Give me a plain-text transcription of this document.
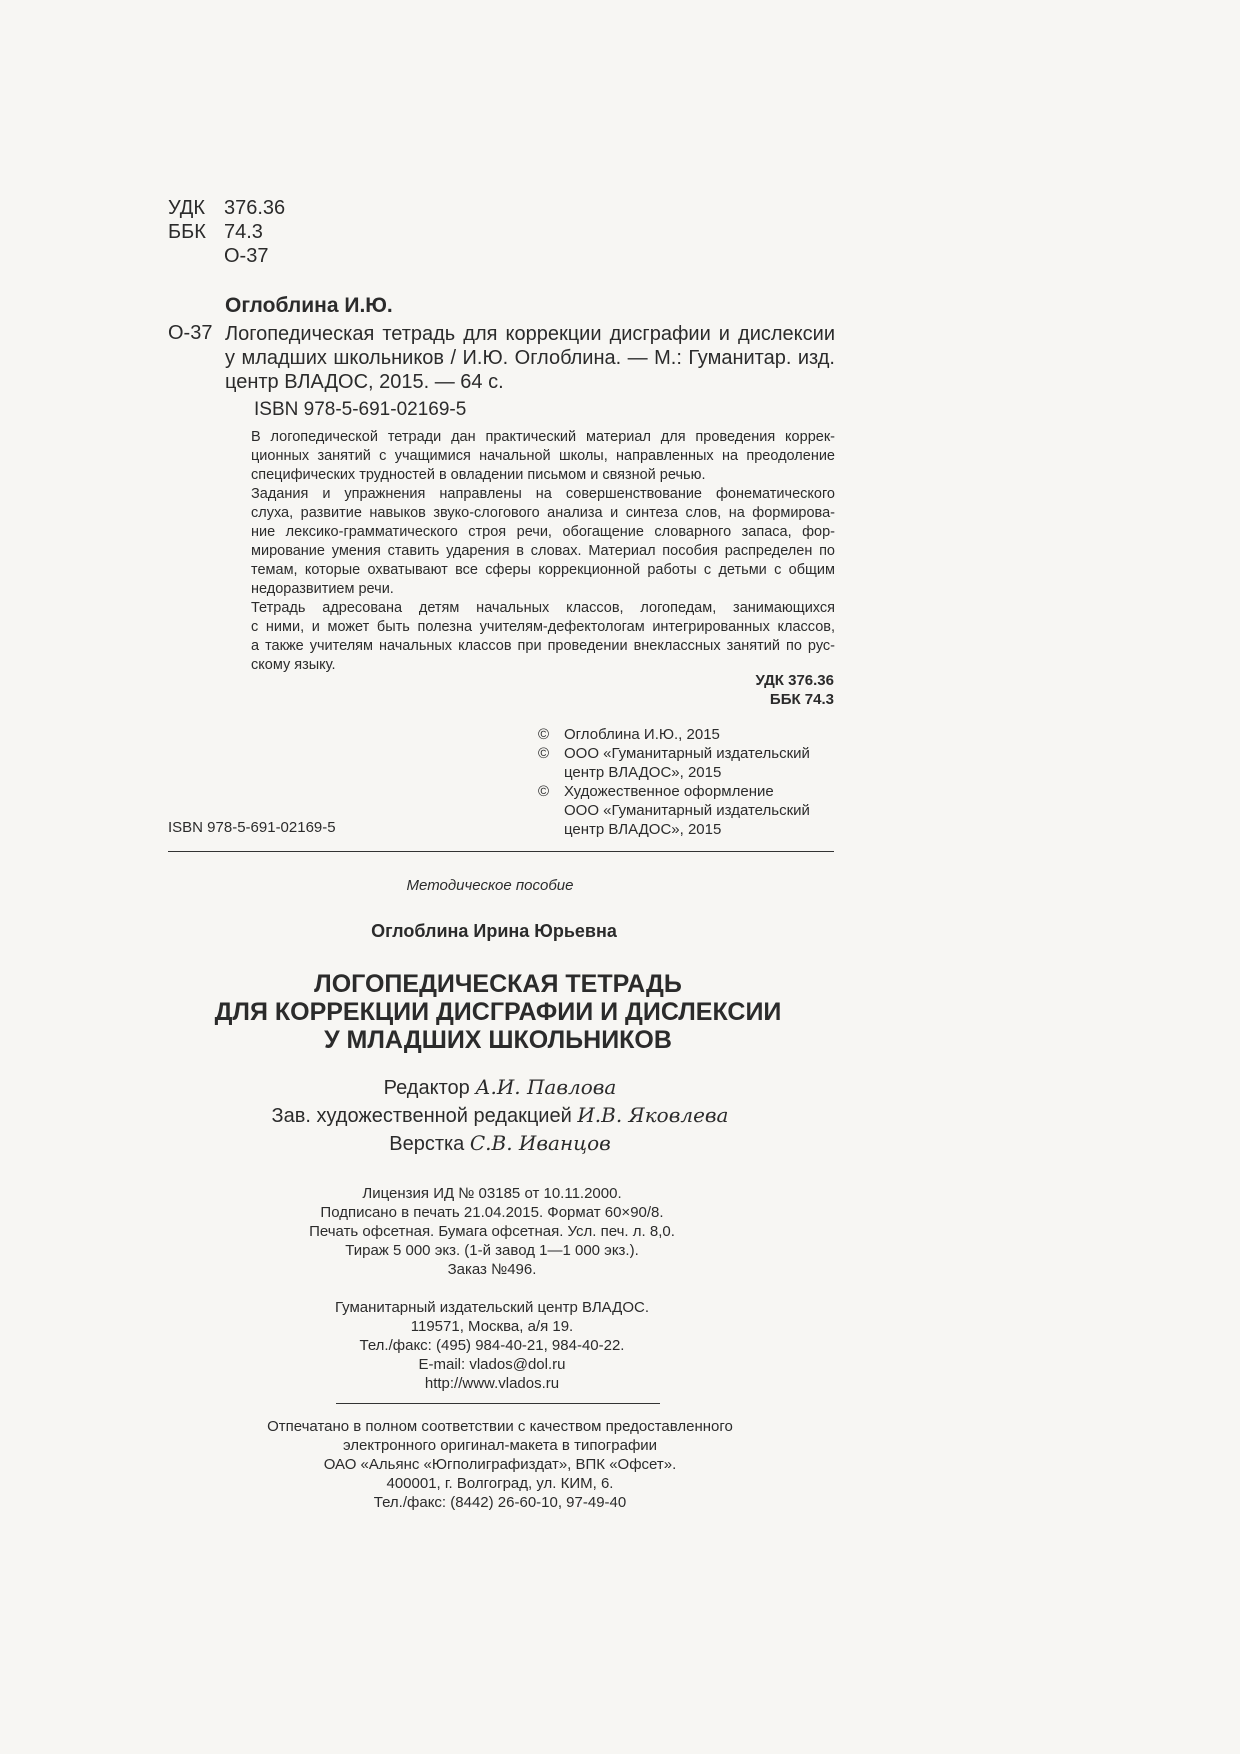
УДК 376.36
ББК 74.3
О-37
Оглоблина И.Ю.
О-37 Логопедическая тетрадь для коррекции дисграфии и дислексии
у младших школьников / И.Ю. Оглоблина. — М.: Гуманитар. изд.
центр ВЛАДОС, 2015. — 64 с.
ISBN 978-5-691-02169-5

В логопедической тетради дан практический материал для проведения коррек-
ционных занятий с учащимися начальной школы, направленных на преодоление
специфических трудностей в овладении письмом и связной речью.

Задания и упражнения направлены на совершенствование фонематического
слуха, развитие навыков звуко-слогового анализа и синтеза слов, на формирова-
ние лексико-грамматического строя речи, обогащение словарного запаса, фор-
мирование умения ставить ударения в словах. Материал пособия распределен по
темам, которые охватывают все сферы коррекционной работы с детьми с общим
недоразвитием речи.

Тетрадь адресована детям начальных классов, логопедам, занимающихся
с ними, и может быть полезна учителям-дефектологам интегрированных классов,
а также учителям начальных классов при проведении внеклассных занятий по рус-
скому языку.

УДК 376.36
ББК 74.3
© Оглоблина И.Ю., 2015
© ООО «Гуманитарный издательский
центр ВЛАДОС», 2015
© Художественное оформление
ООО «Гуманитарный издательский
центр ВЛАДОС», 2015
ISBN 978-5-691-02169-5
Методическое пособие
Оглоблина Ирина Юрьевна
ЛОГОПЕДИЧЕСКАЯ ТЕТРАДЬ
ДЛЯ КОРРЕКЦИИ ДИСГРАФИИ И ДИСЛЕКСИИ
У МЛАДШИХ ШКОЛЬНИКОВ
Редактор А.И. Павлова
Зав. художественной редакцией И.В. Яковлева
Верстка С.В. Иванцов
Лицензия ИД № 03185 от 10.11.2000.
Подписано в печать 21.04.2015. Формат 60×90/8.
Печать офсетная. Бумага офсетная. Усл. печ. л. 8,0.
Тираж 5 000 экз. (1-й завод 1—1 000 экз.).
Заказ №496.
Гуманитарный издательский центр ВЛАДОС.
119571, Москва, а/я 19.
Тел./факс: (495) 984-40-21, 984-40-22.
E-mail: vlados@dol.ru
http://www.vlados.ru
Отпечатано в полном соответствии с качеством предоставленного
электронного оригинал-макета в типографии
ОАО «Альянс «Югполиграфиздат», ВПК «Офсет».
400001, г. Волгоград, ул. КИМ, 6.
Тел./факс: (8442) 26-60-10, 97-49-40
